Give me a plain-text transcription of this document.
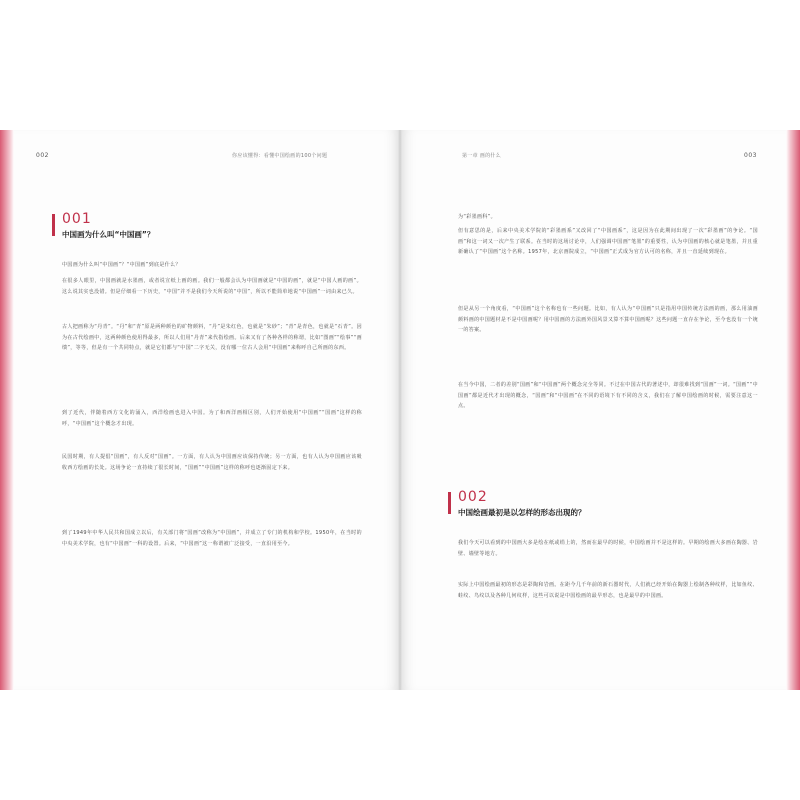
002	你应该懂得：看懂中国绘画的100个问题
001
中国画为什么叫“中国画”？
中国画为什么叫“中国画”？“中国画”到底是什么？
在很多人眼里，中国画就是水墨画，或者说宣纸上画的画。我们一般都会认为中国画就是“中国的画”，就是“中国人画的画”。这么说其实也没错。但是仔细看一下历史，“中国”并不是我们今天所说的“中国”，所以不能简单地说“中国画”一词由来已久。
古人把画称为“丹青”。“丹”和“青”原是两种颜色的矿物颜料，“丹”是朱红色，也就是“朱砂”；“青”是青色，也就是“石青”。因为在古代绘画中，这两种颜色使用得最多，所以人们用“丹青”来代指绘画。后来又有了各种各样的称谓，比如“图画”“绘事”“画缋”，等等，但是有一个共同特点，就是它们都与“中国”二字无关，没有哪一位古人会用“中国画”来称呼自己所画的东西。
到了近代，伴随着西方文化的涌入，西洋绘画也进入中国。为了和西洋画相区别，人们开始使用“中国画”“国画”这样的称呼，“中国画”这个概念才出现。
民国时期，有人提倡“国画”，有人反对“国画”。一方面，有人认为中国画应该保持传统；另一方面，也有人认为中国画应该吸收西方绘画的长处。这场争论一直持续了很长时间，“国画”“中国画”这样的称呼也逐渐固定下来。
到了1949年中华人民共和国成立以后，有关部门将“国画”改称为“中国画”，并成立了专门的机构和学校。1950年，在当时的中央美术学院，也有“中国画”一科的设置。后来，“中国画”这一称谓被广泛接受，一直沿用至今。
第一章 画的什么	003
为“彩墨画科”。
但有意思的是，后来中央美术学院的“彩墨画系”又改回了“中国画系”，这是因为在此期间出现了一次“彩墨画”的争论。“国画”和这一词又一次产生了联系。在当时的这场讨论中，人们强调中国画“笔墨”的重要性，认为中国画的核心就是笔墨，并且重新确认了“中国画”这个名称。1957年，北京画院成立，“中国画”正式成为官方认可的名称，并且一直延续到现在。
但是从另一个角度看，“中国画”这个名称也有一些问题。比如，有人认为“中国画”只是指用中国传统方法画的画，那么用油画颜料画的中国题材是不是中国画呢？用中国画的方法画外国风景又算不算中国画呢？这些问题一直存在争论，至今也没有一个统一的答案。
在当今中国，二者的差别“国画”和“中国画”两个概念完全等同。不过在中国古代的著述中，却很难找到“国画”一词。“国画”“中国画”都是近代才出现的概念，“国画”和“中国画”在不同的语境下有不同的含义，我们在了解中国绘画的时候，需要注意这一点。
002
中国绘画最初是以怎样的形态出现的？
我们今天可以看到的中国画大多是绘在纸或绢上的，然而在最早的时候，中国绘画并不是这样的。早期的绘画大多画在陶器、岩壁、墙壁等地方。
实际上中国绘画最初的形态是彩陶和岩画。在距今几千年前的新石器时代，人们就已经开始在陶器上绘制各种纹样，比如鱼纹、蛙纹、鸟纹以及各种几何纹样，这些可以说是中国绘画的最早形态，也是最早的中国画。
